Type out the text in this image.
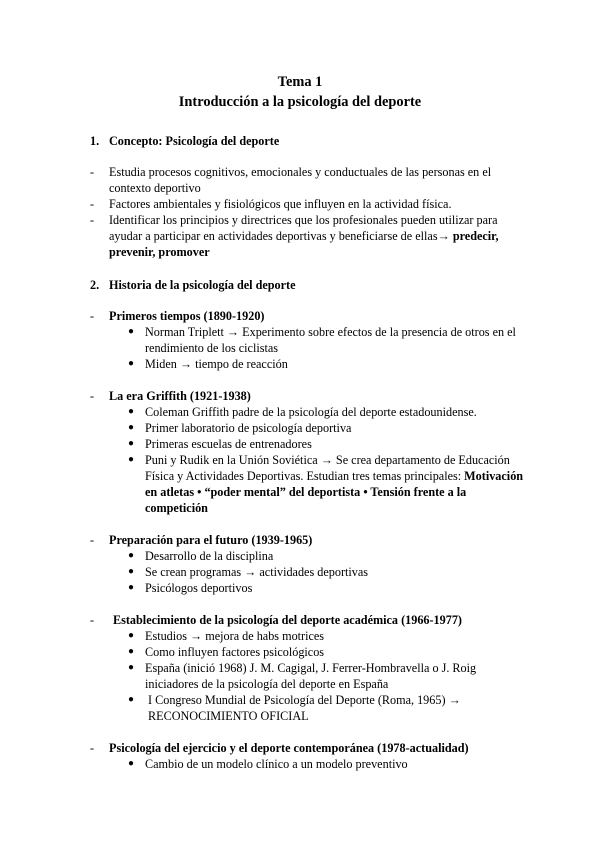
Tema 1
Introducción a la psicología del deporte
1. Concepto: Psicología del deporte
- Estudia procesos cognitivos, emocionales y conductuales de las personas en el contexto deportivo
- Factores ambientales y fisiológicos que influyen en la actividad física.
- Identificar los principios y directrices que los profesionales pueden utilizar para ayudar a participar en actividades deportivas y beneficiarse de ellas→ predecir, prevenir, promover
2. Historia de la psicología del deporte
- Primeros tiempos (1890-1920)
● Norman Triplett → Experimento sobre efectos de la presencia de otros en el rendimiento de los ciclistas
● Miden → tiempo de reacción
- La era Griffith (1921-1938)
● Coleman Griffith padre de la psicología del deporte estadounidense.
● Primer laboratorio de psicología deportiva
● Primeras escuelas de entrenadores
● Puni y Rudik en la Unión Soviética → Se crea departamento de Educación Física y Actividades Deportivas. Estudian tres temas principales: Motivación en atletas • “poder mental” del deportista • Tensión frente a la competición
- Preparación para el futuro (1939-1965)
● Desarrollo de la disciplina
● Se crean programas → actividades deportivas
● Psicólogos deportivos
- Establecimiento de la psicología del deporte académica (1966-1977)
● Estudios → mejora de habs motrices
● Como influyen factores psicológicos
● España (inició 1968) J. M. Cagigal, J. Ferrer-Hombravella o J. Roig iniciadores de la psicología del deporte en España
● I Congreso Mundial de Psicología del Deporte (Roma, 1965) → RECONOCIMIENTO OFICIAL
- Psicología del ejercicio y el deporte contemporánea (1978-actualidad)
● Cambio de un modelo clínico a un modelo preventivo
